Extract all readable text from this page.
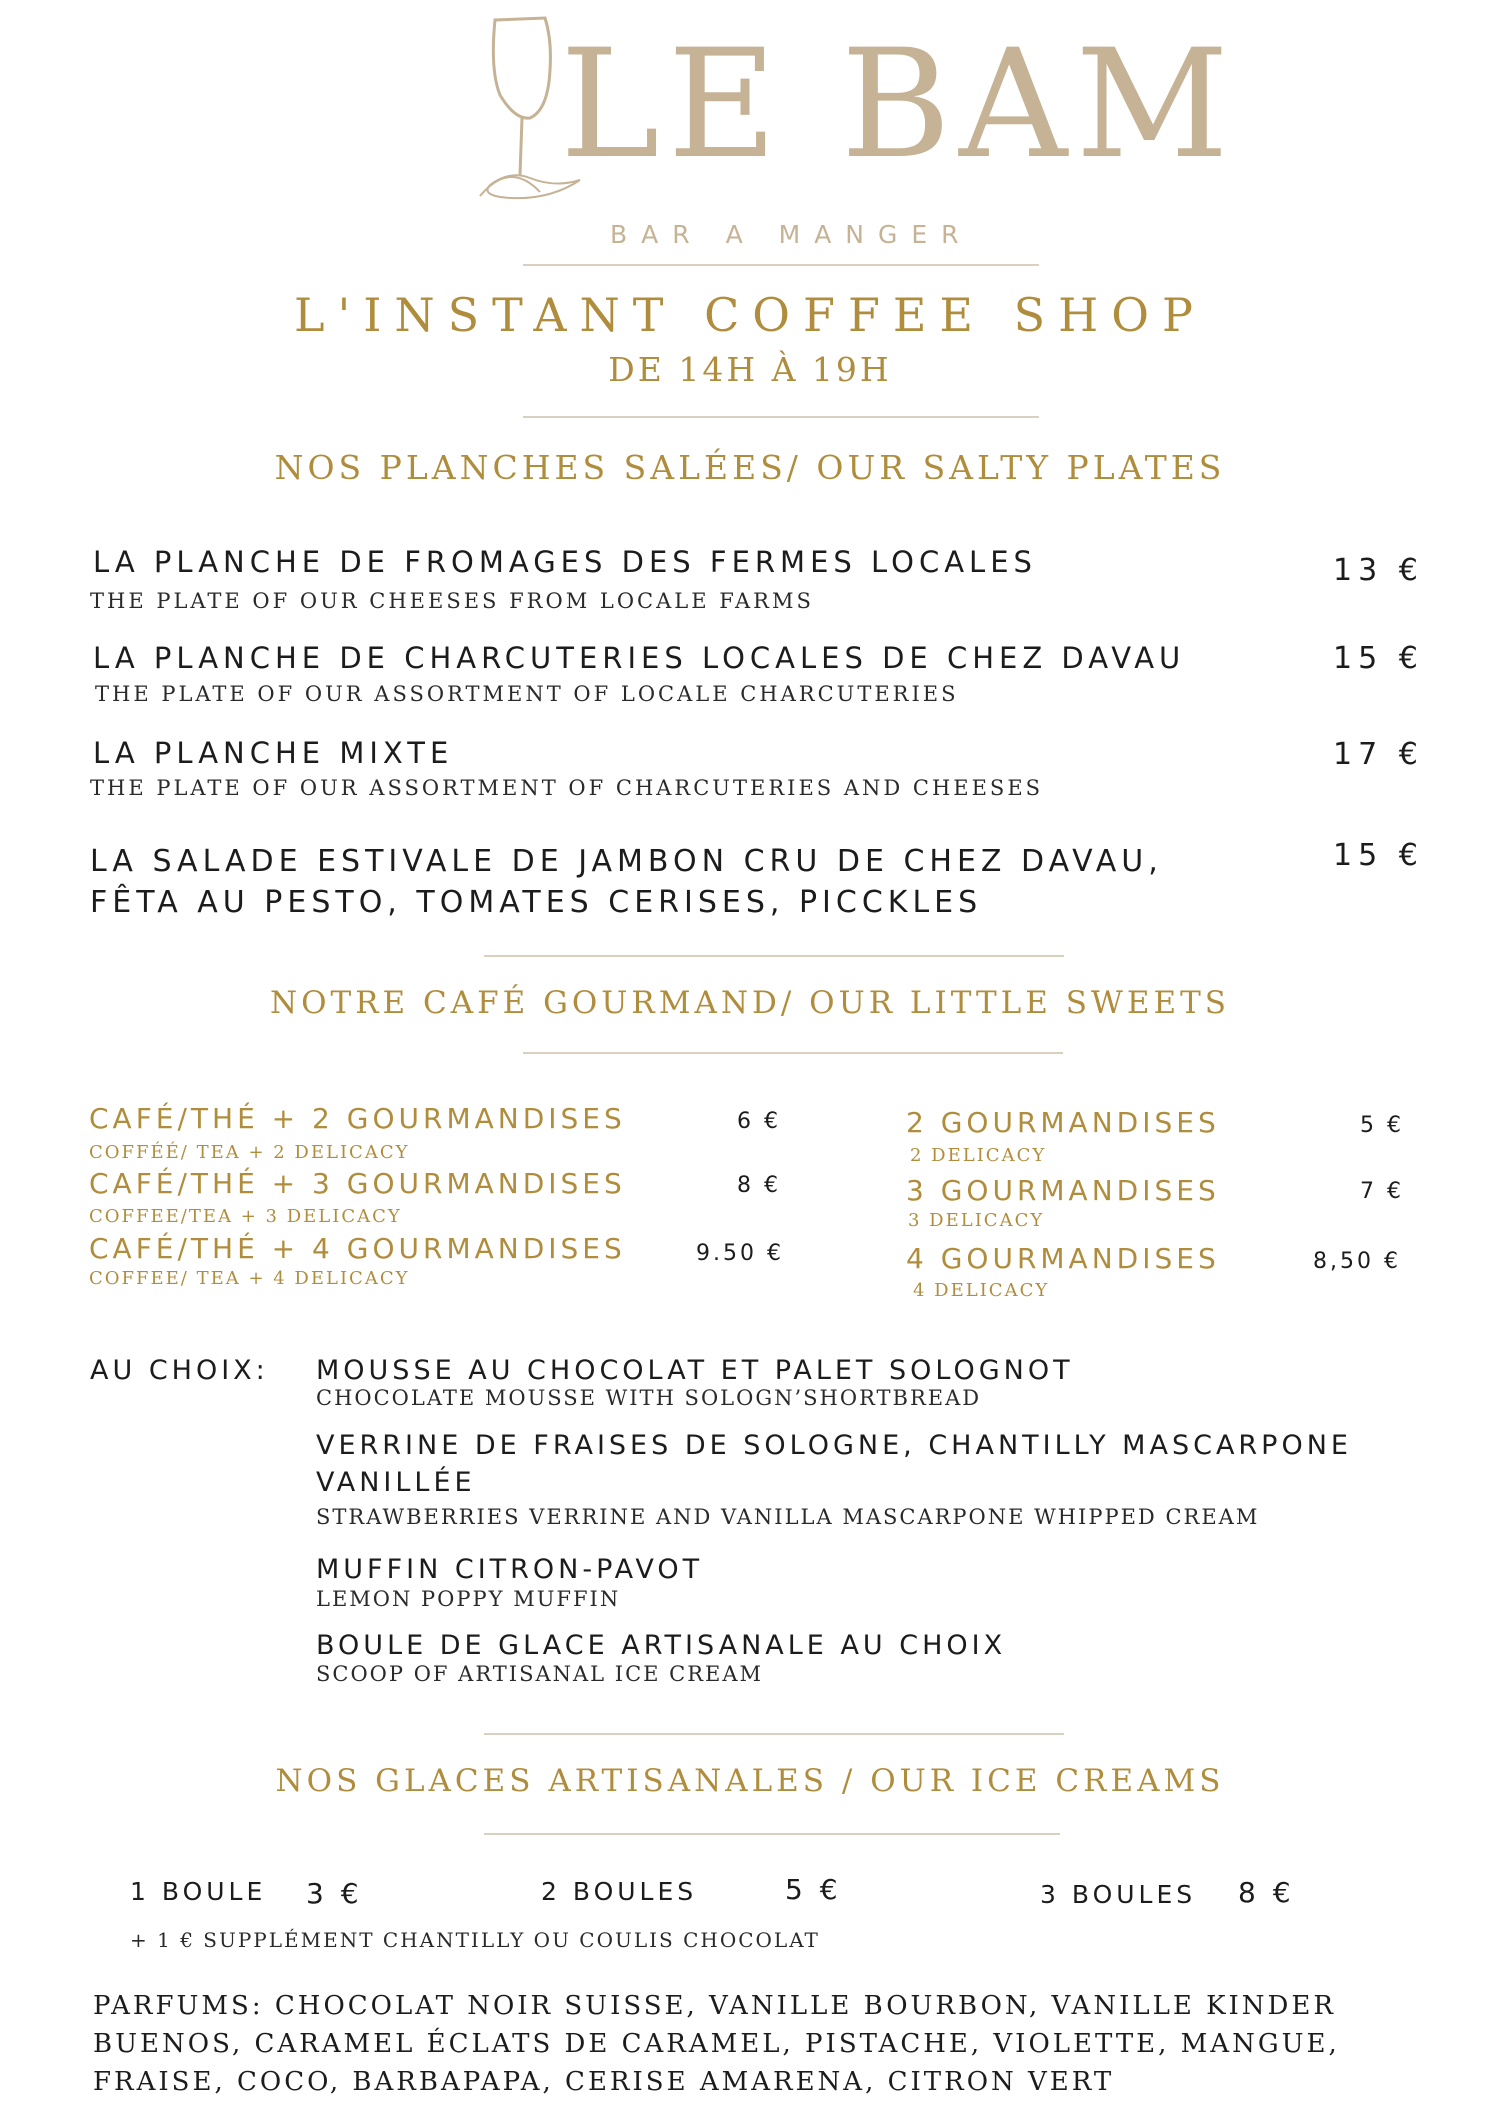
LE BAM
BAR A MANGER
L'INSTANT COFFEE SHOP
DE 14H À 19H
NOS PLANCHES SALÉES/ OUR SALTY PLATES
LA PLANCHE DE FROMAGES DES FERMES LOCALES
THE PLATE OF OUR CHEESES FROM LOCALE FARMS
13 €
LA PLANCHE DE CHARCUTERIES LOCALES DE CHEZ DAVAU
THE PLATE OF OUR ASSORTMENT OF LOCALE CHARCUTERIES
15 €
LA PLANCHE MIXTE
THE PLATE OF OUR ASSORTMENT OF CHARCUTERIES AND CHEESES
17 €
LA SALADE ESTIVALE DE JAMBON CRU DE CHEZ DAVAU,
FÊTA AU PESTO, TOMATES CERISES, PICCKLES
15 €
NOTRE CAFÉ GOURMAND/ OUR LITTLE SWEETS
CAFÉ/THÉ + 2 GOURMANDISES
COFFÉÉ/ TEA + 2 DELICACY
6 €
CAFÉ/THÉ + 3 GOURMANDISES
COFFEE/TEA + 3 DELICACY
8 €
CAFÉ/THÉ + 4 GOURMANDISES
COFFEE/ TEA + 4 DELICACY
9.50 €
2 GOURMANDISES
2 DELICACY
5 €
3 GOURMANDISES
3 DELICACY
7 €
4 GOURMANDISES
4 DELICACY
8,50 €
AU CHOIX: MOUSSE AU CHOCOLAT ET PALET SOLOGNOT
CHOCOLATE MOUSSE WITH SOLOGN’SHORTBREAD
VERRINE DE FRAISES DE SOLOGNE, CHANTILLY MASCARPONE
VANILLÉE
STRAWBERRIES VERRINE AND VANILLA MASCARPONE WHIPPED CREAM
MUFFIN CITRON-PAVOT
LEMON POPPY MUFFIN
BOULE DE GLACE ARTISANALE AU CHOIX
SCOOP OF ARTISANAL ICE CREAM
NOS GLACES ARTISANALES / OUR ICE CREAMS
1 BOULE 3 €	2 BOULES	5 €	3 BOULES 8 €
+ 1 € SUPPLÉMENT CHANTILLY OU COULIS CHOCOLAT
PARFUMS: CHOCOLAT NOIR SUISSE, VANILLE BOURBON, VANILLE KINDER
BUENOS, CARAMEL ÉCLATS DE CARAMEL, PISTACHE, VIOLETTE, MANGUE,
FRAISE, COCO, BARBAPAPA, CERISE AMARENA, CITRON VERT
